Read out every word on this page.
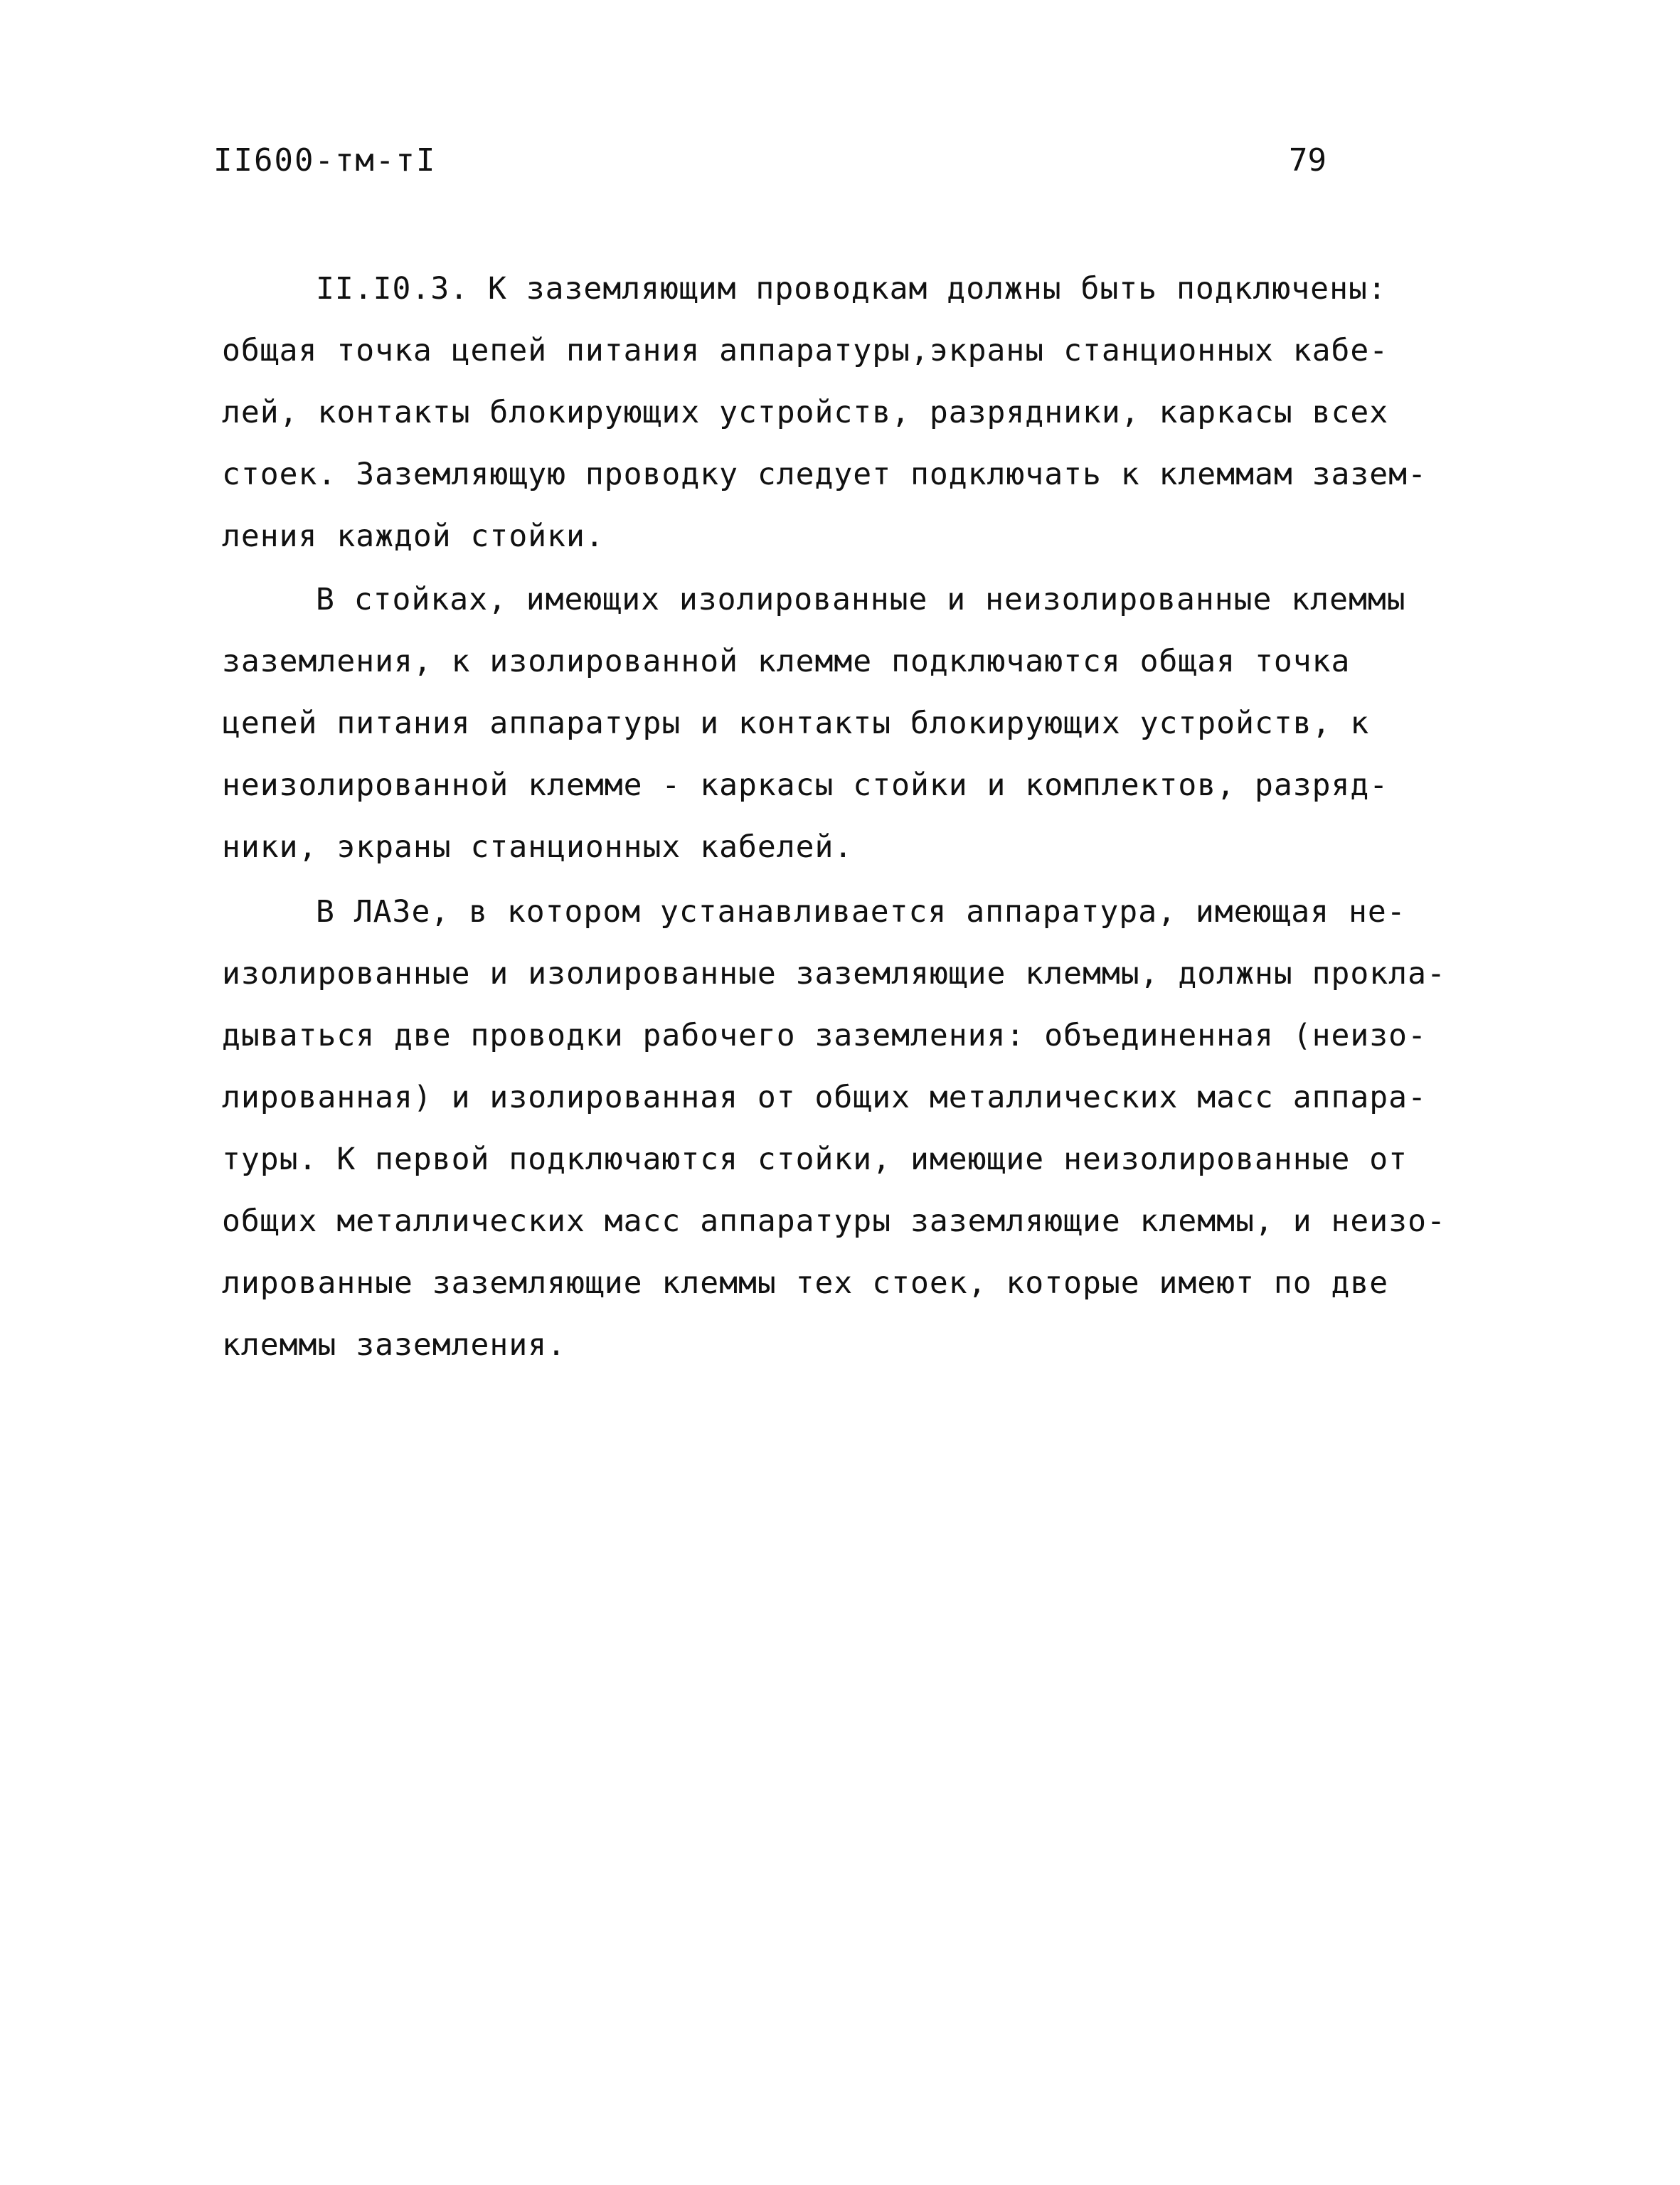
II600-тм-тI	79
II.I0.3. К заземляющим проводкам должны быть подключены:
общая точка цепей питания аппаратуры,экраны станционных кабе-
лей, контакты блокирующих устройств, разрядники, каркасы всех
стоек. Заземляющую проводку следует подключать к клеммам зазем-
ления каждой стойки.
В стойках, имеющих изолированные и неизолированные клеммы
заземления, к изолированной клемме подключаются общая точка
цепей питания аппаратуры и контакты блокирующих устройств, к
неизолированной клемме - каркасы стойки и комплектов, разряд-
ники, экраны станционных кабелей.
В ЛАЗе, в котором устанавливается аппаратура, имеющая не-
изолированные и изолированные заземляющие клеммы, должны прокла-
дываться две проводки рабочего заземления: объединенная (неизо-
лированная) и изолированная от общих металлических масс аппара-
туры. К первой подключаются стойки, имеющие неизолированные от
общих металлических масс аппаратуры заземляющие клеммы, и неизо-
лированные заземляющие клеммы тех стоек, которые имеют по две
клеммы заземления.
